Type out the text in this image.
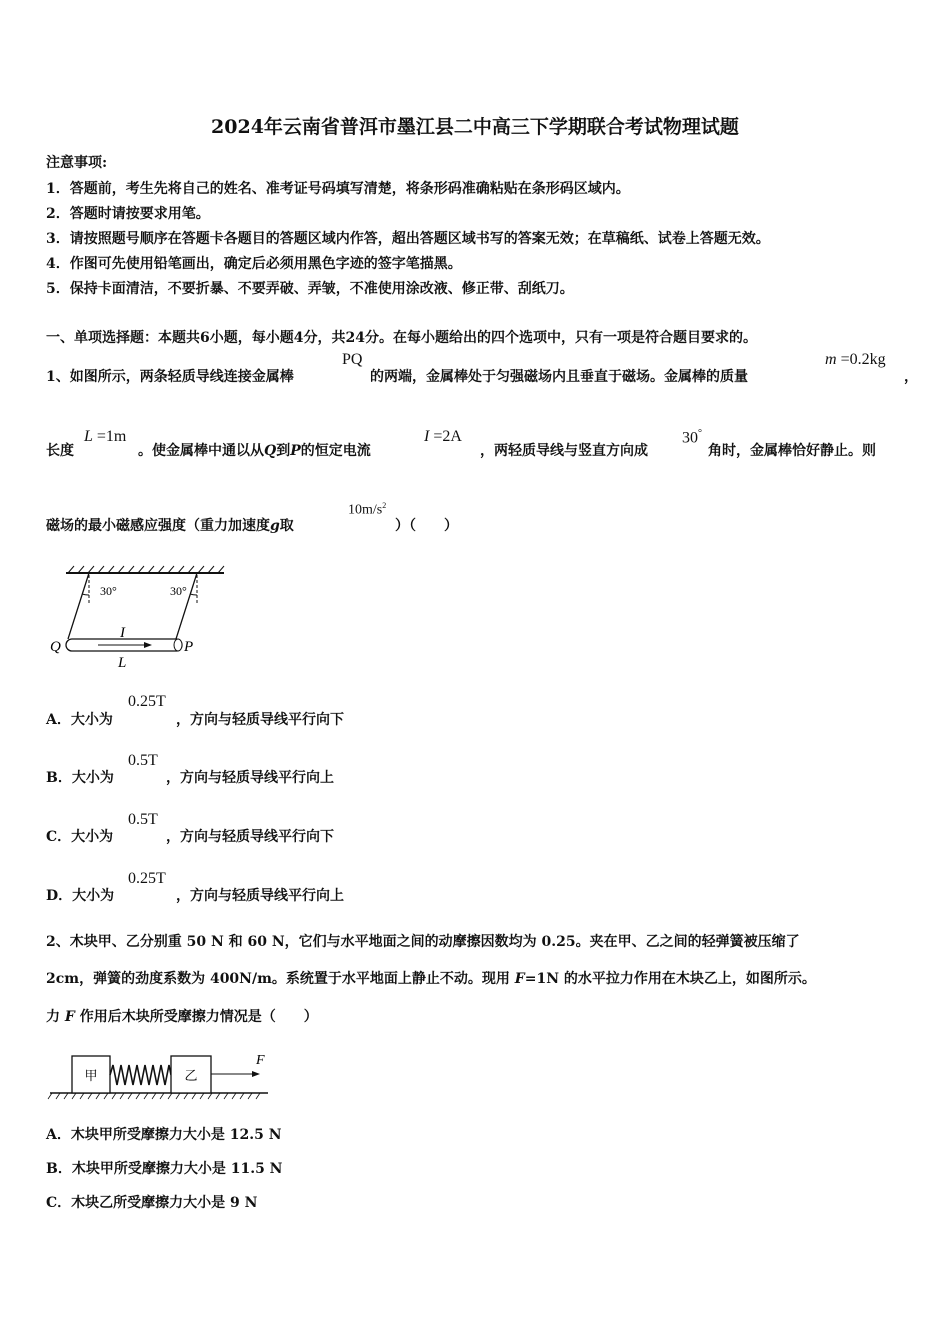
2024年云南省普洱市墨江县二中高三下学期联合考试物理试题
注意事项:
1．答题前，考生先将自己的姓名、准考证号码填写清楚，将条形码准确粘贴在条形码区域内。
2．答题时请按要求用笔。
3．请按照题号顺序在答题卡各题目的答题区域内作答，超出答题区域书写的答案无效；在草稿纸、试卷上答题无效。
4．作图可先使用铅笔画出，确定后必须用黑色字迹的签字笔描黑。
5．保持卡面清洁，不要折暴、不要弄破、弄皱，不准使用涂改液、修正带、刮纸刀。
一、单项选择题：本题共6小题，每小题4分，共24分。在每小题给出的四个选项中，只有一项是符合题目要求的。
1、如图所示，两条轻质导线连接金属棒
PQ
的两端，金属棒处于匀强磁场内且垂直于磁场。金属棒的质量
m =0.2kg
，
长度
L =1m
。使金属棒中通以从Q到P的恒定电流
I =2A
，两轻质导线与竖直方向成
30°
角时，金属棒恰好静止。则
磁场的最小磁感应强度（重力加速度g取
$10m/s^2$
）（　　）
30°	30°
Q	P
I
L
A．大小为
0.25T
，方向与轻质导线平行向下
B．大小为
0.5T
，方向与轻质导线平行向上
C．大小为
0.5T
，方向与轻质导线平行向下
D．大小为
0.25T
，方向与轻质导线平行向上
2、木块甲、乙分别重 50 N 和 60 N，它们与水平地面之间的动摩擦因数均为 0.25。夹在甲、乙之间的轻弹簧被压缩了
2cm，弹簧的劲度系数为 400N/m。系统置于水平地面上静止不动。现用 F=1N 的水平拉力作用在木块乙上，如图所示。
力 F 作用后木块所受摩擦力情况是（　　）
甲	乙
F
A．木块甲所受摩擦力大小是 12.5 N
B．木块甲所受摩擦力大小是 11.5 N
C．木块乙所受摩擦力大小是 9 N
